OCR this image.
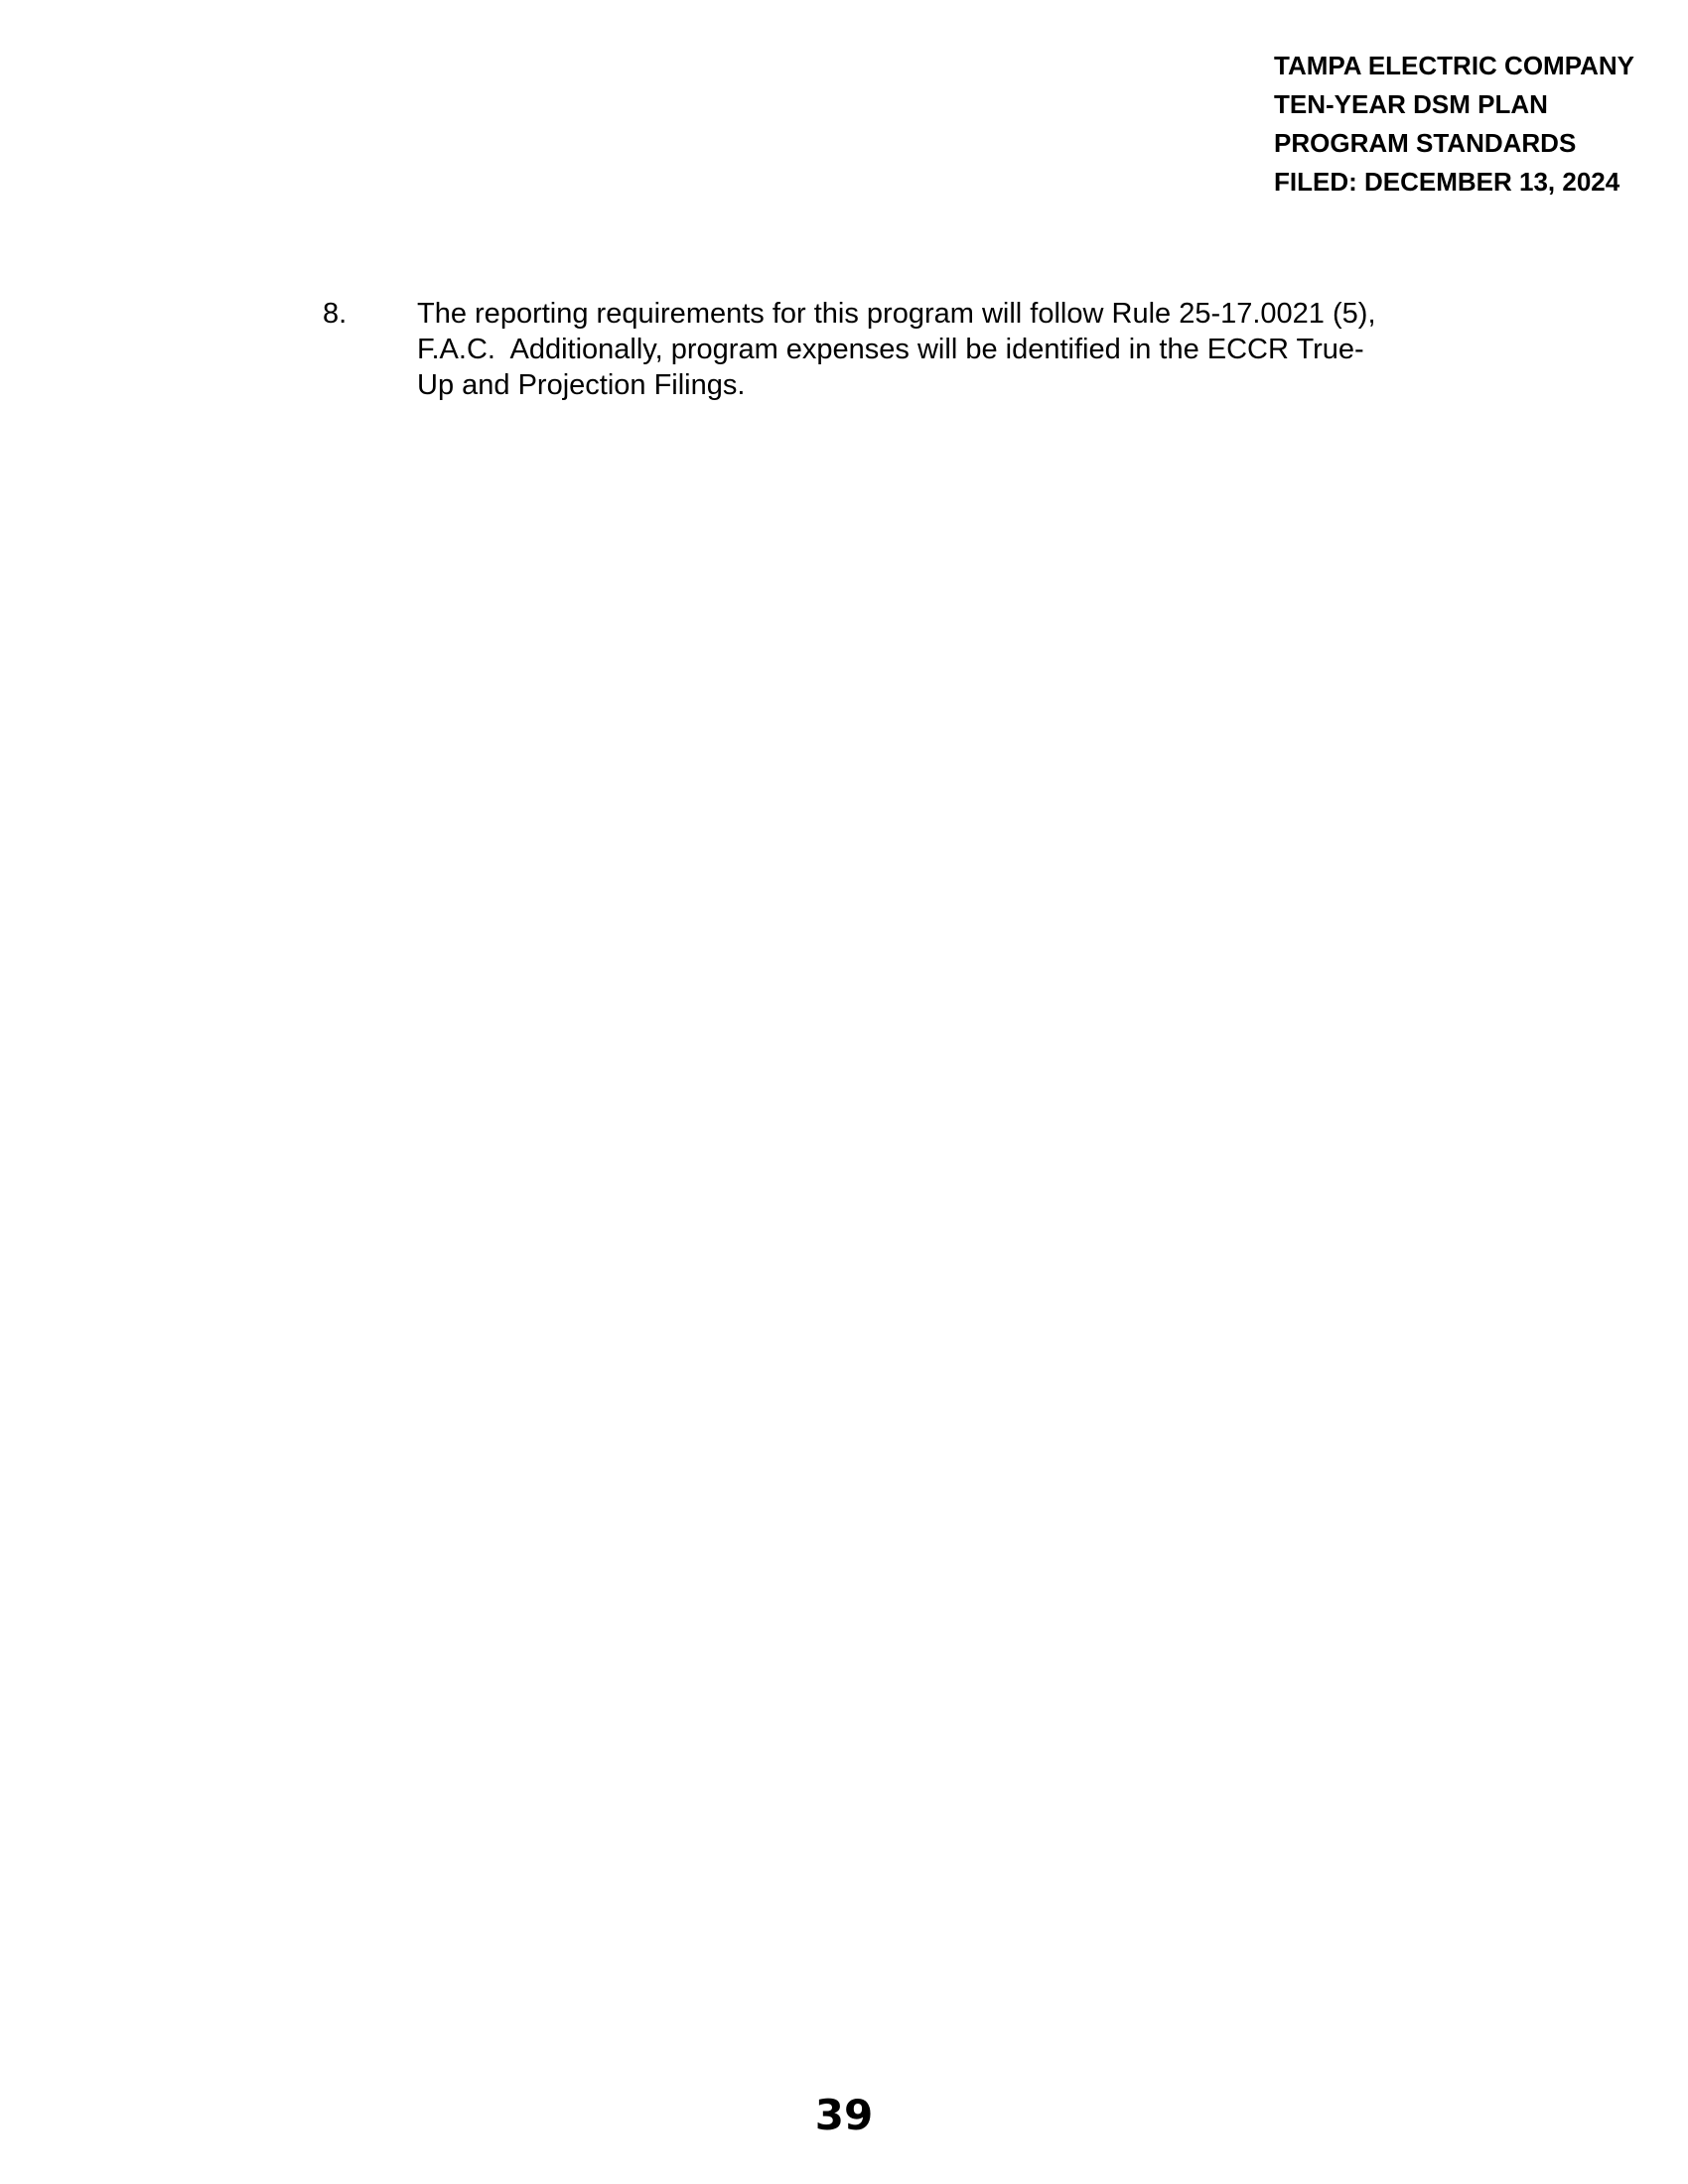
TAMPA ELECTRIC COMPANY
TEN-YEAR DSM PLAN
PROGRAM STANDARDS
FILED: DECEMBER 13, 2024
8.	The reporting requirements for this program will follow Rule 25-17.0021 (5),
F.A.C.  Additionally, program expenses will be identified in the ECCR True-
Up and Projection Filings.
39
